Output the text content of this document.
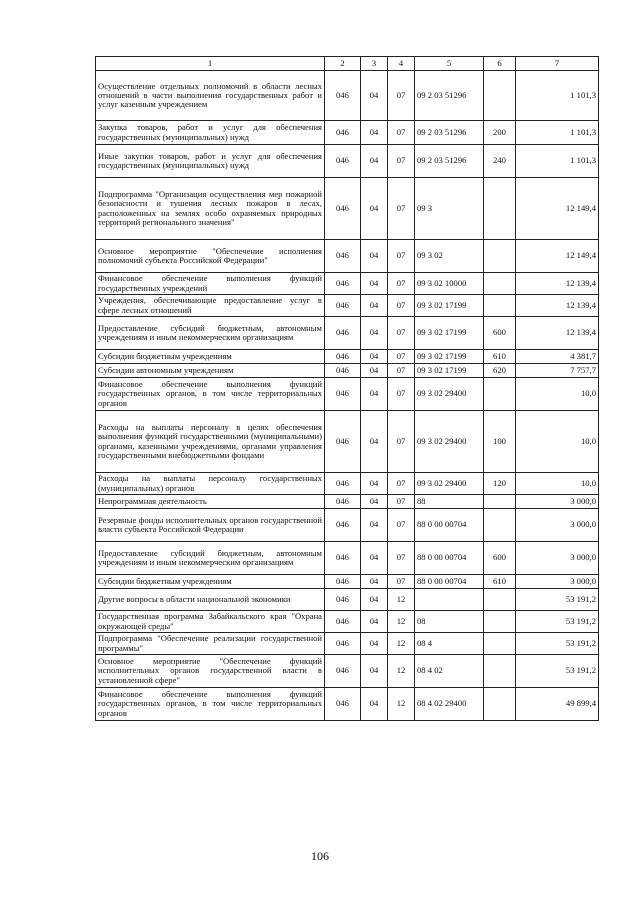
1	2	3	4	5	6	7
Осуществление отдельных полномочий в области лесных отношений в части выполнения государственных работ и услуг казенным учреждением	046	04	07	09 2 03 51296		1 101,3
Закупка товаров, работ и услуг для обеспечения государственных (муниципальных) нужд	046	04	07	09 2 03 51296	200	1 101,3
Иные закупки товаров, работ и услуг для обеспечения государственных (муниципальных) нужд	046	04	07	09 2 03 51296	240	1 101,3
Подпрограмма "Организация осуществления мер пожарной безопасности и тушения лесных пожаров в лесах, расположенных на землях особо охраняемых природных территорий регионального значения"	046	04	07	09 3		12 149,4
Основное мероприятие "Обеспечение исполнения полномочий субъекта Российской Федерации"	046	04	07	09 3 02		12 149,4
Финансовое обеспечение выполнения функций государственных учреждений	046	04	07	09 3 02 10000		12 139,4
Учреждения, обеспечивающие предоставление услуг в сфере лесных отношений	046	04	07	09 3 02 17199		12 139,4
Предоставление субсидий бюджетным, автономным учреждениям и иным некоммерческим организациям	046	04	07	09 3 02 17199	600	12 139,4
Субсидии бюджетным учреждениям	046	04	07	09 3 02 17199	610	4 381,7
Субсидии автономным учреждениям	046	04	07	09 3 02 17199	620	7 757,7
Финансовое обеспечение выполнения функций государственных органов, в том числе территориальных органов	046	04	07	09 3 02 29400		10,0
Расходы на выплаты персоналу в целях обеспечения выполнения функций государственными (муниципальными) органами, казенными учреждениями, органами управления государственными внебюджетными фондами	046	04	07	09 3 02 29400	100	10,0
Расходы на выплаты персоналу государственных (муниципальных) органов	046	04	07	09 3 02 29400	120	10,0
Непрограммная деятельность	046	04	07	88		3 000,0
Резервные фонды исполнительных органов государственной власти субъекта Российской Федерации	046	04	07	88 0 00 00704		3 000,0
Предоставление субсидий бюджетным, автономным учреждениям и иным некоммерческим организациям	046	04	07	88 0 00 00704	600	3 000,0
Субсидии бюджетным учреждениям	046	04	07	88 0 00 00704	610	3 000,0
Другие вопросы в области национальной экономики	046	04	12			53 191,2
Государственная программа Забайкальского края "Охрана окружающей среды"	046	04	12	08		53 191,2
Подпрограмма "Обеспечение реализации государственной программы"	046	04	12	08 4		53 191,2
Основное мероприятие "Обеспечение функций исполнительных органов государственной власти в установленной сфере"	046	04	12	08 4 02		53 191,2
Финансовое обеспечение выполнения функций государственных органов, в том числе территориальных органов	046	04	12	08 4 02 29400		49 899,4
106
